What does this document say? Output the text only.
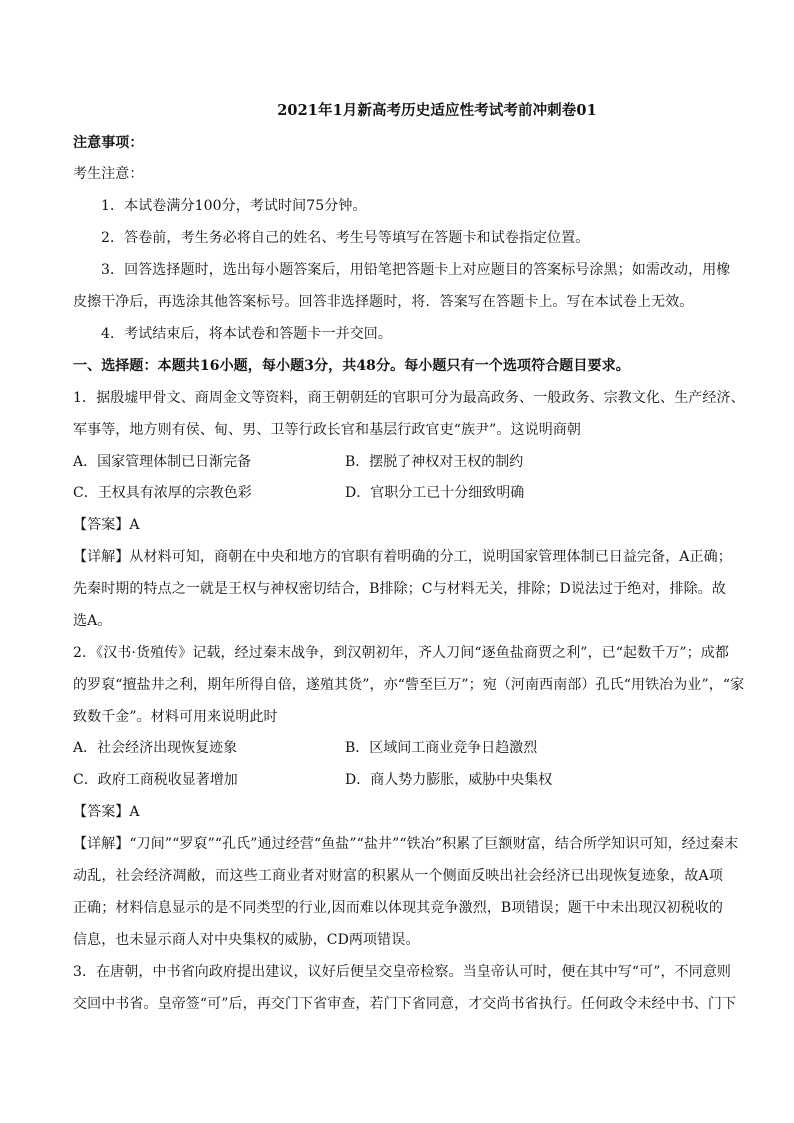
2021年1月新高考历史适应性考试考前冲刺卷01
注意事项：
考生注意：
1．本试卷满分100分，考试时间75分钟。
2．答卷前，考生务必将自己的姓名、考生号等填写在答题卡和试卷指定位置。
3．回答选择题时，选出每小题答案后，用铅笔把答题卡上对应题目的答案标号涂黑；如需改动，用橡
皮擦干净后，再选涂其他答案标号。回答非选择题时，将．答案写在答题卡上。写在本试卷上无效。
4．考试结束后，将本试卷和答题卡一并交回。
一、选择题：本题共16小题，每小题3分，共48分。每小题只有一个选项符合题目要求。
1．据殷墟甲骨文、商周金文等资料，商王朝朝廷的官职可分为最高政务、一般政务、宗教文化、生产经济、
军事等，地方则有侯、甸、男、卫等行政长官和基层行政官吏“族尹”。这说明商朝
A．国家管理体制已日渐完备	B．摆脱了神权对王权的制约
C．王权具有浓厚的宗教色彩	D．官职分工已十分细致明确
【答案】A
【详解】从材料可知，商朝在中央和地方的官职有着明确的分工，说明国家管理体制已日益完备，A正确；
先秦时期的特点之一就是王权与神权密切结合，B排除；C与材料无关，排除；D说法过于绝对，排除。故
选A。
2．《汉书·货殖传》记载，经过秦末战争，到汉朝初年，齐人刀间“逐鱼盐商贾之利”，已“起数千万”；成都
的罗裒“擅盐井之利，期年所得自倍，遂殖其货”，亦“訾至巨万”；宛（河南西南部）孔氏“用铁冶为业”，“家
致数千金”。材料可用来说明此时
A．社会经济出现恢复迹象	B．区域间工商业竞争日趋激烈
C．政府工商税收显著增加	D．商人势力膨胀，威胁中央集权
【答案】A
【详解】“刀间”“罗裒”“孔氏”通过经营“鱼盐”“盐井”“铁冶”积累了巨额财富，结合所学知识可知，经过秦末
动乱，社会经济凋敝，而这些工商业者对财富的积累从一个侧面反映出社会经济已出现恢复迹象，故A项
正确；材料信息显示的是不同类型的行业,因而难以体现其竞争激烈，B项错误；题干中未出现汉初税收的
信息，也未显示商人对中央集权的威胁，CD两项错误。
3．在唐朝，中书省向政府提出建议，议好后便呈交皇帝检察。当皇帝认可时，便在其中写“可”，不同意则
交回中书省。皇帝签“可”后，再交门下省审查，若门下省同意，才交尚书省执行。任何政令未经中书、门下
